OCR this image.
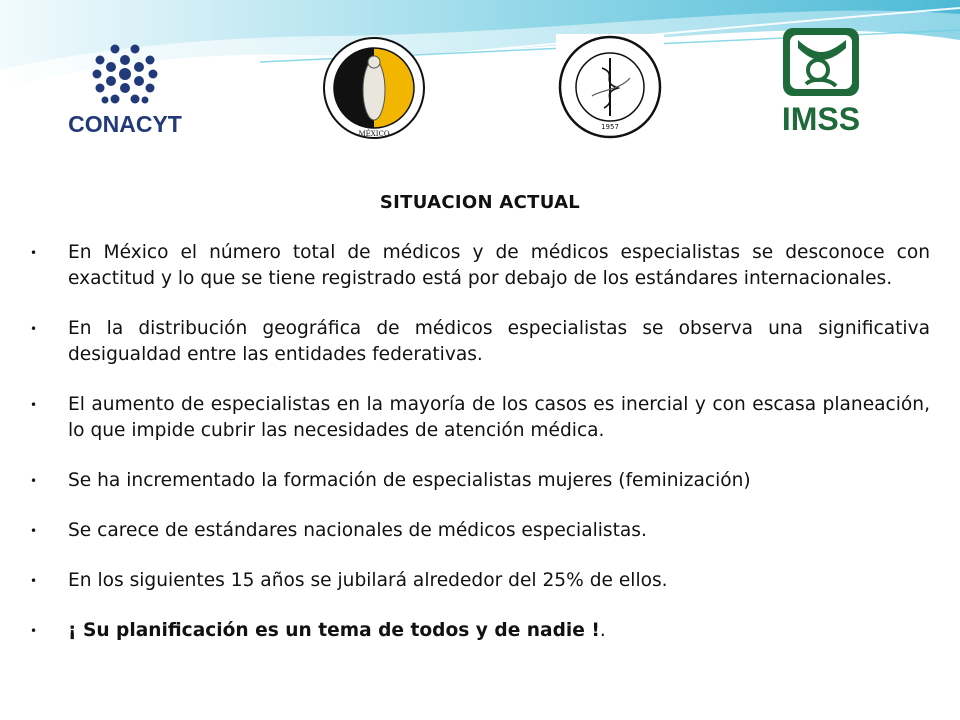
CONACYT	MÉXICO
1957	IMSS
SITUACION ACTUAL
• En México el número total de médicos y de médicos especialistas se desconoce con exactitud y lo que se tiene registrado está por debajo de los estándares internacionales.
• En la distribución geográfica de médicos especialistas se observa una significativa desigualdad entre las entidades federativas.
• El aumento de especialistas en la mayoría de los casos es inercial y con escasa planeación, lo que impide cubrir las necesidades de atención médica.
• Se ha incrementado la formación de especialistas mujeres (feminización)
• Se carece de estándares nacionales de médicos especialistas.
• En los siguientes 15 años se jubilará alrededor del 25% de ellos.
• ¡ Su planificación es un tema de todos y de nadie !.
